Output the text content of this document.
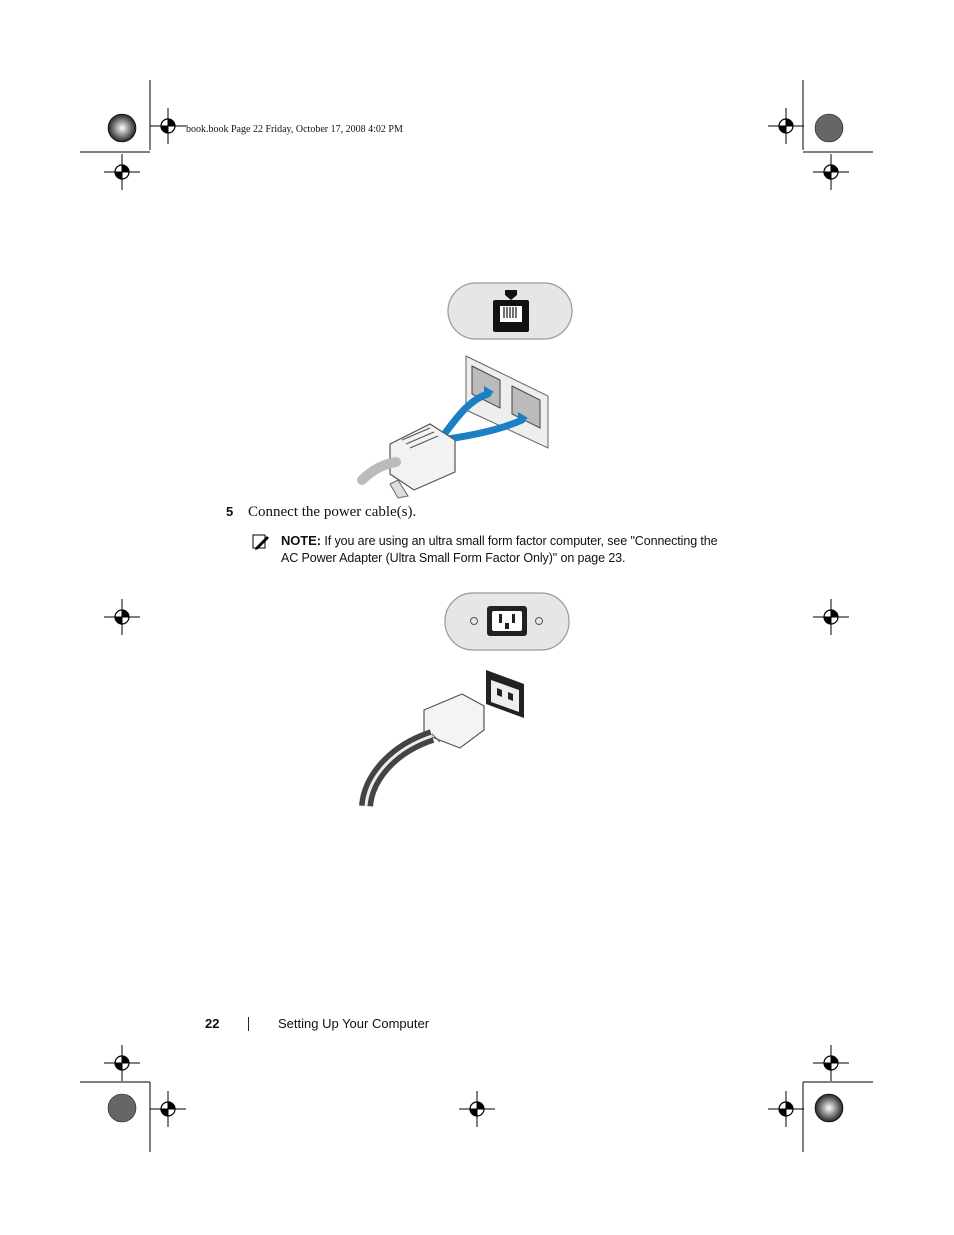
book.book Page 22 Friday, October 17, 2008 4:02 PM
5 Connect the power cable(s).
NOTE: If you are using an ultra small form factor computer, see "Connecting the AC Power Adapter (Ultra Small Form Factor Only)" on page 23.
22	Setting Up Your Computer
